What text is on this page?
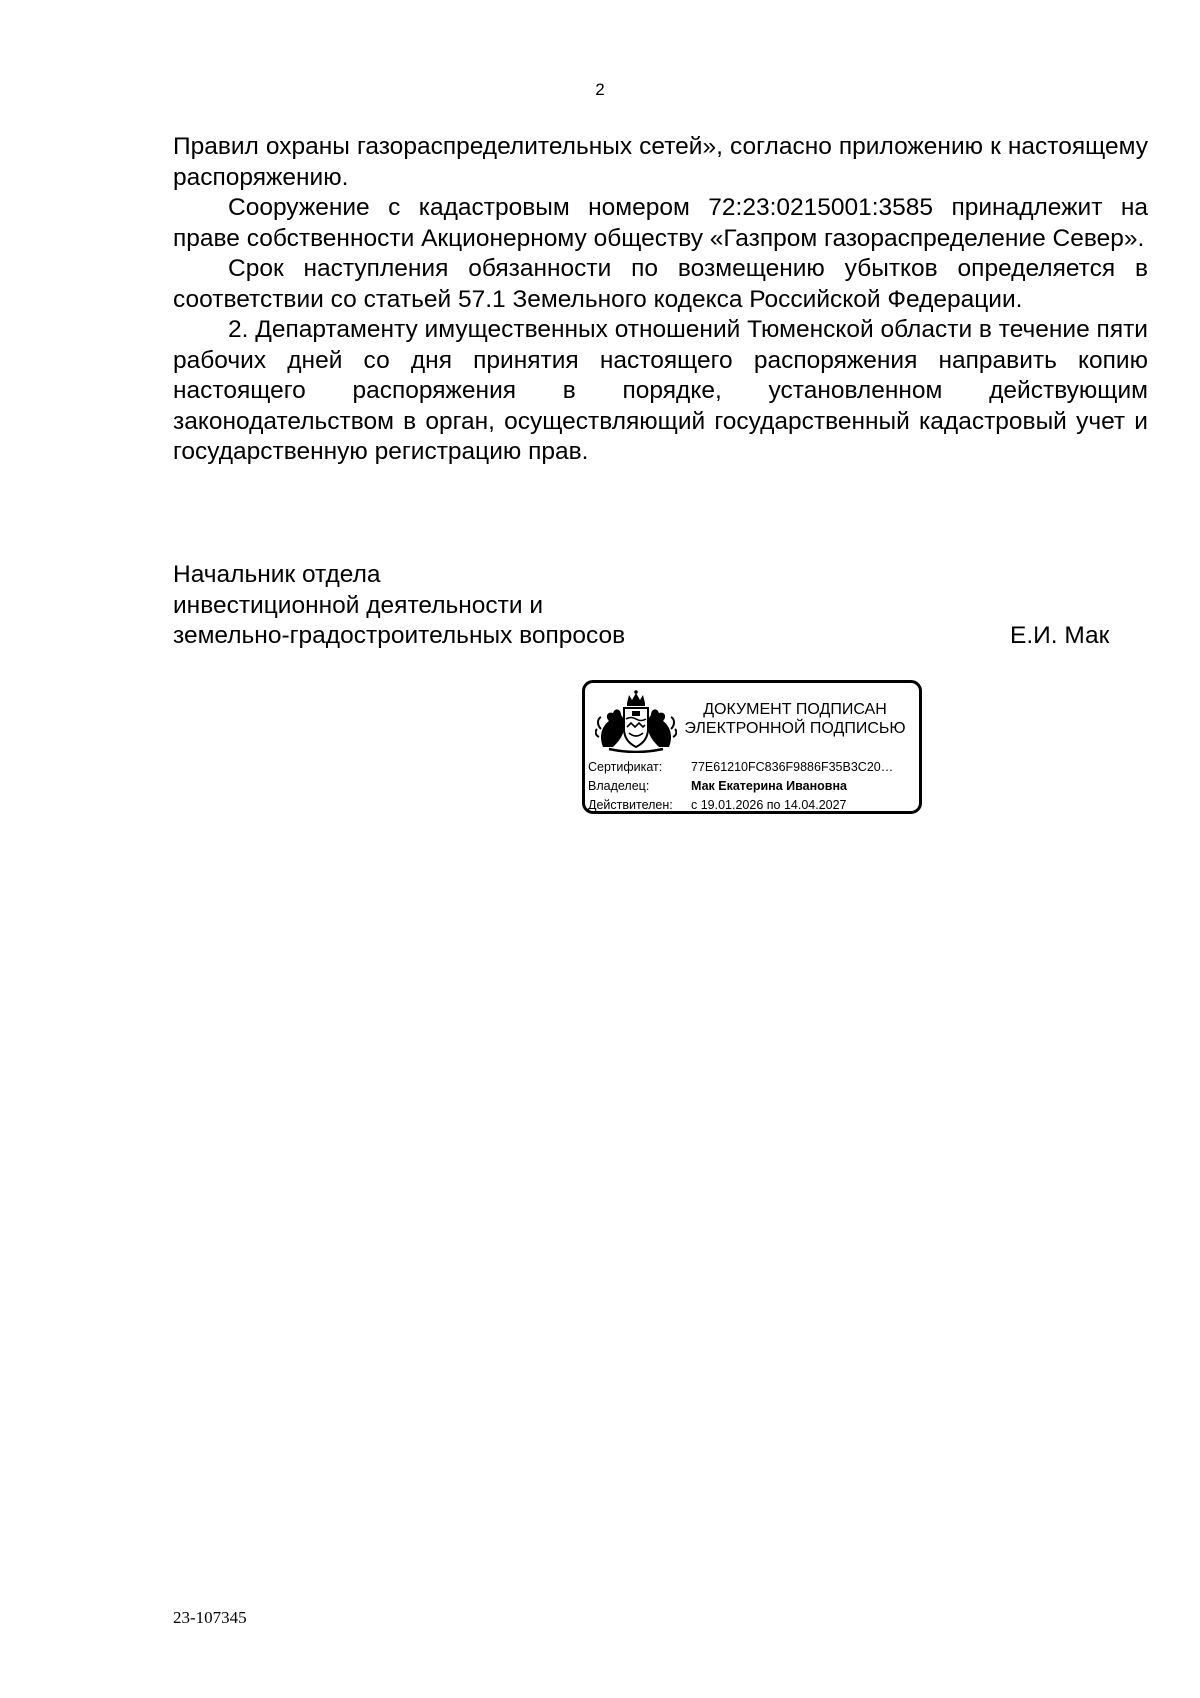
2

Правил охраны газораспределительных сетей», согласно приложению к настоящему распоряжению.

Сооружение с кадастровым номером 72:23:0215001:3585 принадлежит на праве собственности Акционерному обществу «Газпром газораспределение Север».

Срок наступления обязанности по возмещению убытков определяется в соответствии со статьей 57.1 Земельного кодекса Российской Федерации.

2. Департаменту имущественных отношений Тюменской области в течение пяти рабочих дней со дня принятия настоящего распоряжения направить копию настоящего распоряжения в порядке, установленном действующим законодательством в орган, осуществляющий государственный кадастровый учет и государственную регистрацию прав.

Начальник отдела
инвестиционной деятельности и
земельно-градостроительных вопросов	Е.И. Мак
ДОКУМЕНТ ПОДПИСАН
ЭЛЕКТРОННОЙ ПОДПИСЬЮ
Сертификат:	77E61210FC836F9886F35B3C20…
Владелец:	Мак Екатерина Ивановна
Действителен:	с 19.01.2026 по 14.04.2027
23-107345
